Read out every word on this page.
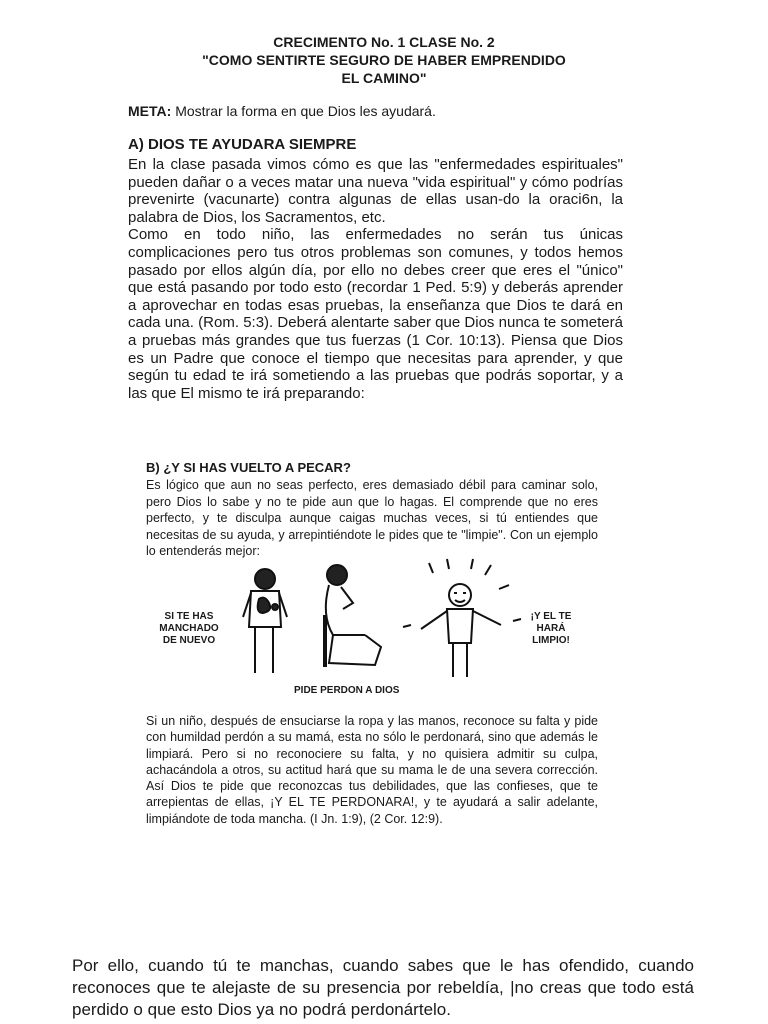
CRECIMENTO No. 1 CLASE No. 2
"COMO SENTIRTE SEGURO DE HABER EMPRENDIDO
EL CAMINO"
META: Mostrar la forma en que Dios les ayudará.
A) DIOS TE AYUDARA SIEMPRE

En la clase pasada vimos cómo es que las "enfermedades espirituales" pueden dañar o a veces matar una nueva "vida espiritual" y cómo podrías prevenirte (vacunarte) contra algunas de ellas usan-do la oraci6n, la palabra de Dios, los Sacramentos, etc.

Como en todo niño, las enfermedades no serán tus únicas complicaciones pero tus otros problemas son comunes, y todos hemos pasado por ellos algún día, por ello no debes creer que eres el "único" que está pasando por todo esto (recordar 1 Ped. 5:9) y deberás aprender a aprovechar en todas esas pruebas, la enseñanza que Dios te dará en cada una. (Rom. 5:3). Deberá alentarte saber que Dios nunca te someterá a pruebas más grandes que tus fuerzas (1 Cor. 10:13). Piensa que Dios es un Padre que conoce el tiempo que necesitas para aprender, y que según tu edad te irá sometiendo a las pruebas que podrás soportar, y a las que El mismo te irá preparando:

B) ¿Y SI HAS VUELTO A PECAR?
Es lógico que aun no seas perfecto, eres demasiado débil para caminar solo, pero Dios lo sabe y no te pide aun que lo hagas. El comprende que no eres perfecto, y te disculpa aunque caigas muchas veces, si tú entiendes que necesitas de su ayuda, y arrepintiéndote le pides que te "limpie". Con un ejemplo lo entenderás mejor:
SI TE HAS
MANCHADO
DE NUEVO
¡Y EL TE
HARÁ
LIMPIO!
PIDE PERDON A DIOS
Si un niño, después de ensuciarse la ropa y las manos, reconoce su falta y pide con humildad perdón a su mamá, esta no sólo le perdonará, sino que además le limpiará. Pero si no reconociere su falta, y no quisiera admitir su culpa, achacándola a otros, su actitud hará que su mama le de una severa corrección. Así Dios te pide que reconozcas tus debilidades, que las confieses, que te arrepientas de ellas, ¡Y EL TE PERDONARA!, y te ayudará a salir adelante, limpiándote de toda mancha. (I Jn. 1:9), (2 Cor. 12:9).
Por ello, cuando tú te manchas, cuando sabes que le has ofendido, cuando reconoces que te alejaste de su presencia por rebeldía, |no creas que todo está perdido o que esto Dios ya no podrá perdonártelo.
